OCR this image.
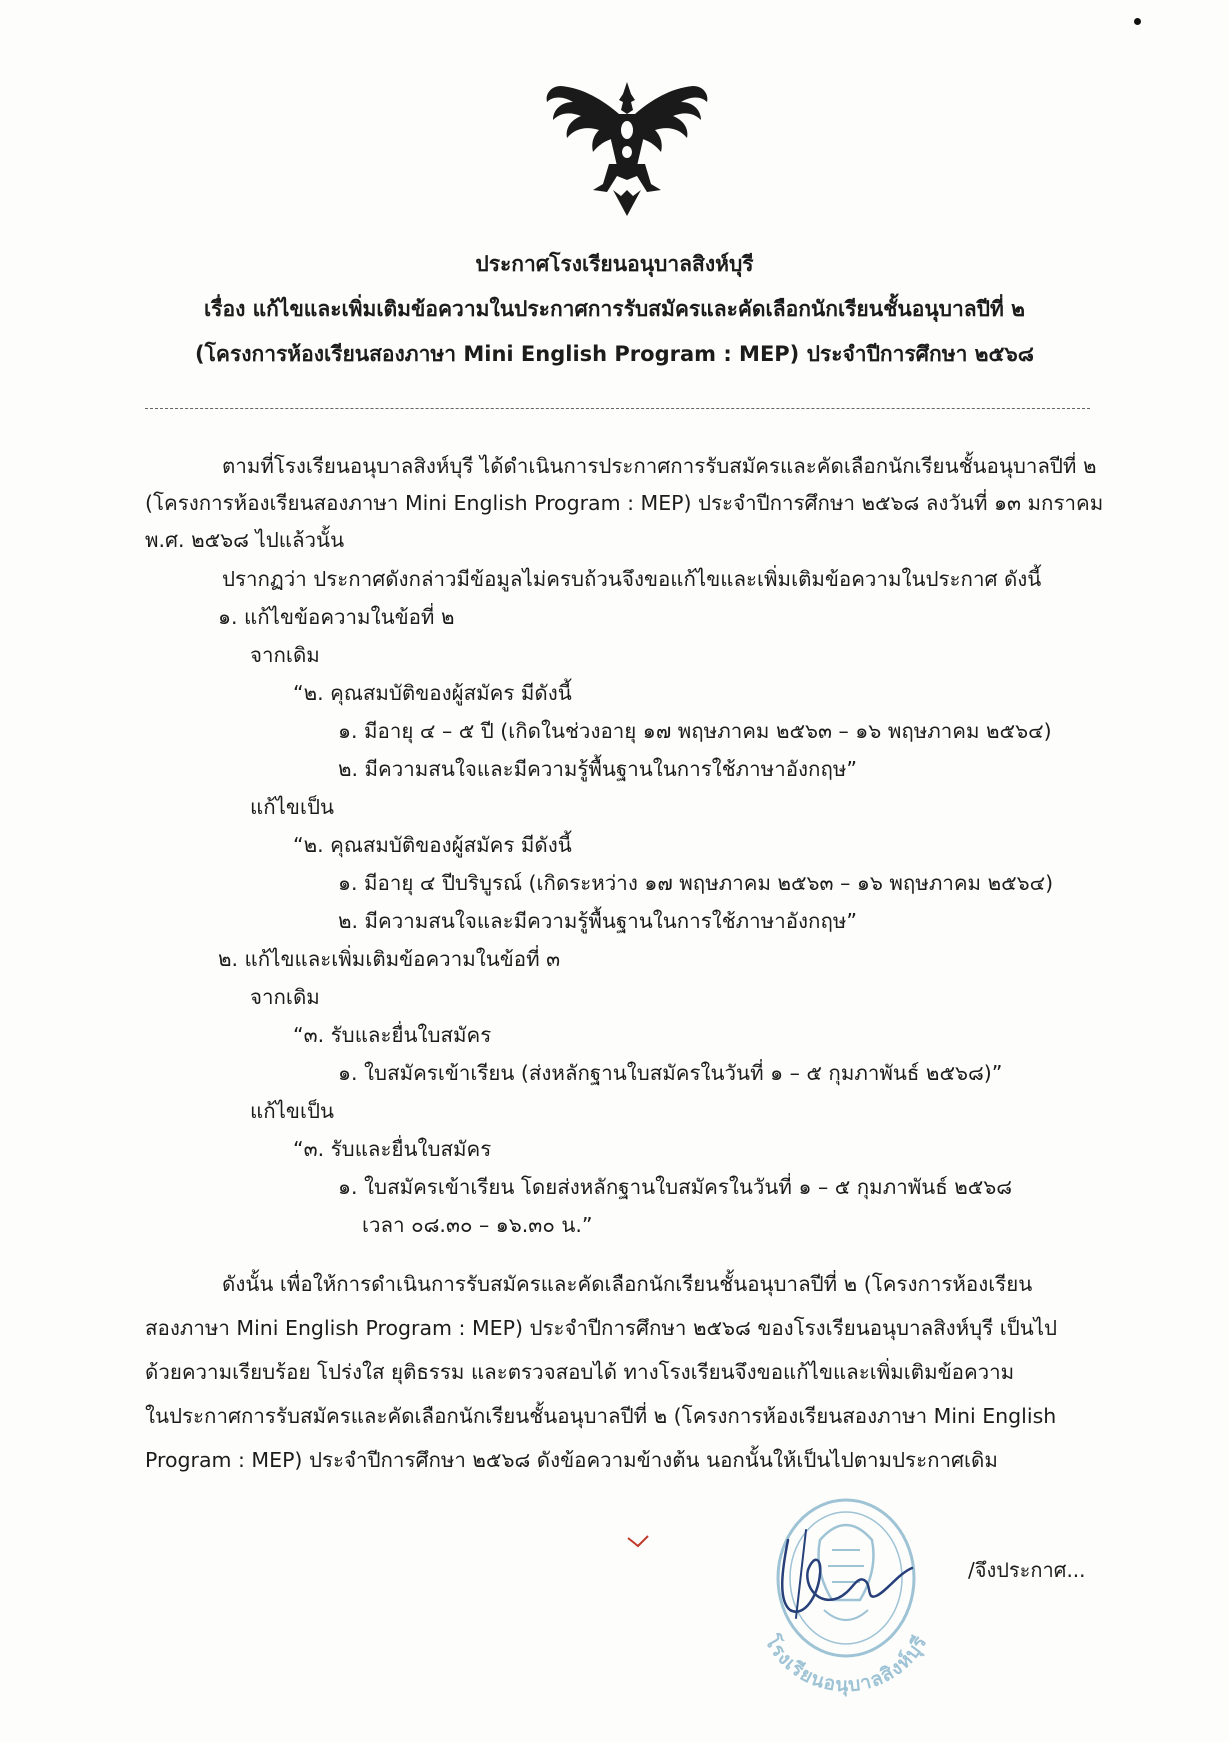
ประกาศโรงเรียนอนุบาลสิงห์บุรี
เรื่อง แก้ไขและเพิ่มเติมข้อความในประกาศการรับสมัครและคัดเลือกนักเรียนชั้นอนุบาลปีที่ ๒
(โครงการห้องเรียนสองภาษา Mini English Program : MEP) ประจำปีการศึกษา ๒๕๖๘
ตามที่โรงเรียนอนุบาลสิงห์บุรี ได้ดำเนินการประกาศการรับสมัครและคัดเลือกนักเรียนชั้นอนุบาลปีที่ ๒
(โครงการห้องเรียนสองภาษา Mini English Program : MEP) ประจำปีการศึกษา ๒๕๖๘ ลงวันที่ ๑๓ มกราคม
พ.ศ. ๒๕๖๘ ไปแล้วนั้น
ปรากฏว่า ประกาศดังกล่าวมีข้อมูลไม่ครบถ้วนจึงขอแก้ไขและเพิ่มเติมข้อความในประกาศ ดังนี้
๑. แก้ไขข้อความในข้อที่ ๒
จากเดิม
“๒. คุณสมบัติของผู้สมัคร มีดังนี้
๑. มีอายุ ๔ – ๕ ปี (เกิดในช่วงอายุ ๑๗ พฤษภาคม ๒๕๖๓ – ๑๖ พฤษภาคม ๒๕๖๔)
๒. มีความสนใจและมีความรู้พื้นฐานในการใช้ภาษาอังกฤษ”
แก้ไขเป็น
“๒. คุณสมบัติของผู้สมัคร มีดังนี้
๑. มีอายุ ๔ ปีบริบูรณ์ (เกิดระหว่าง ๑๗ พฤษภาคม ๒๕๖๓ – ๑๖ พฤษภาคม ๒๕๖๔)
๒. มีความสนใจและมีความรู้พื้นฐานในการใช้ภาษาอังกฤษ”
๒. แก้ไขและเพิ่มเติมข้อความในข้อที่ ๓
จากเดิม
“๓. รับและยื่นใบสมัคร
๑. ใบสมัครเข้าเรียน (ส่งหลักฐานใบสมัครในวันที่ ๑ – ๕ กุมภาพันธ์ ๒๕๖๘)”
แก้ไขเป็น
“๓. รับและยื่นใบสมัคร
๑. ใบสมัครเข้าเรียน โดยส่งหลักฐานใบสมัครในวันที่ ๑ – ๕ กุมภาพันธ์ ๒๕๖๘
เวลา ๐๘.๓๐ – ๑๖.๓๐ น.”
ดังนั้น เพื่อให้การดำเนินการรับสมัครและคัดเลือกนักเรียนชั้นอนุบาลปีที่ ๒ (โครงการห้องเรียน
สองภาษา Mini English Program : MEP) ประจำปีการศึกษา ๒๕๖๘ ของโรงเรียนอนุบาลสิงห์บุรี เป็นไป
ด้วยความเรียบร้อย โปร่งใส ยุติธรรม และตรวจสอบได้ ทางโรงเรียนจึงขอแก้ไขและเพิ่มเติมข้อความ
ในประกาศการรับสมัครและคัดเลือกนักเรียนชั้นอนุบาลปีที่ ๒ (โครงการห้องเรียนสองภาษา Mini English
Program : MEP) ประจำปีการศึกษา ๒๕๖๘ ดังข้อความข้างต้น นอกนั้นให้เป็นไปตามประกาศเดิม
โรงเรียนอนุบาลสิงห์บุรี
/จึงประกาศ...
